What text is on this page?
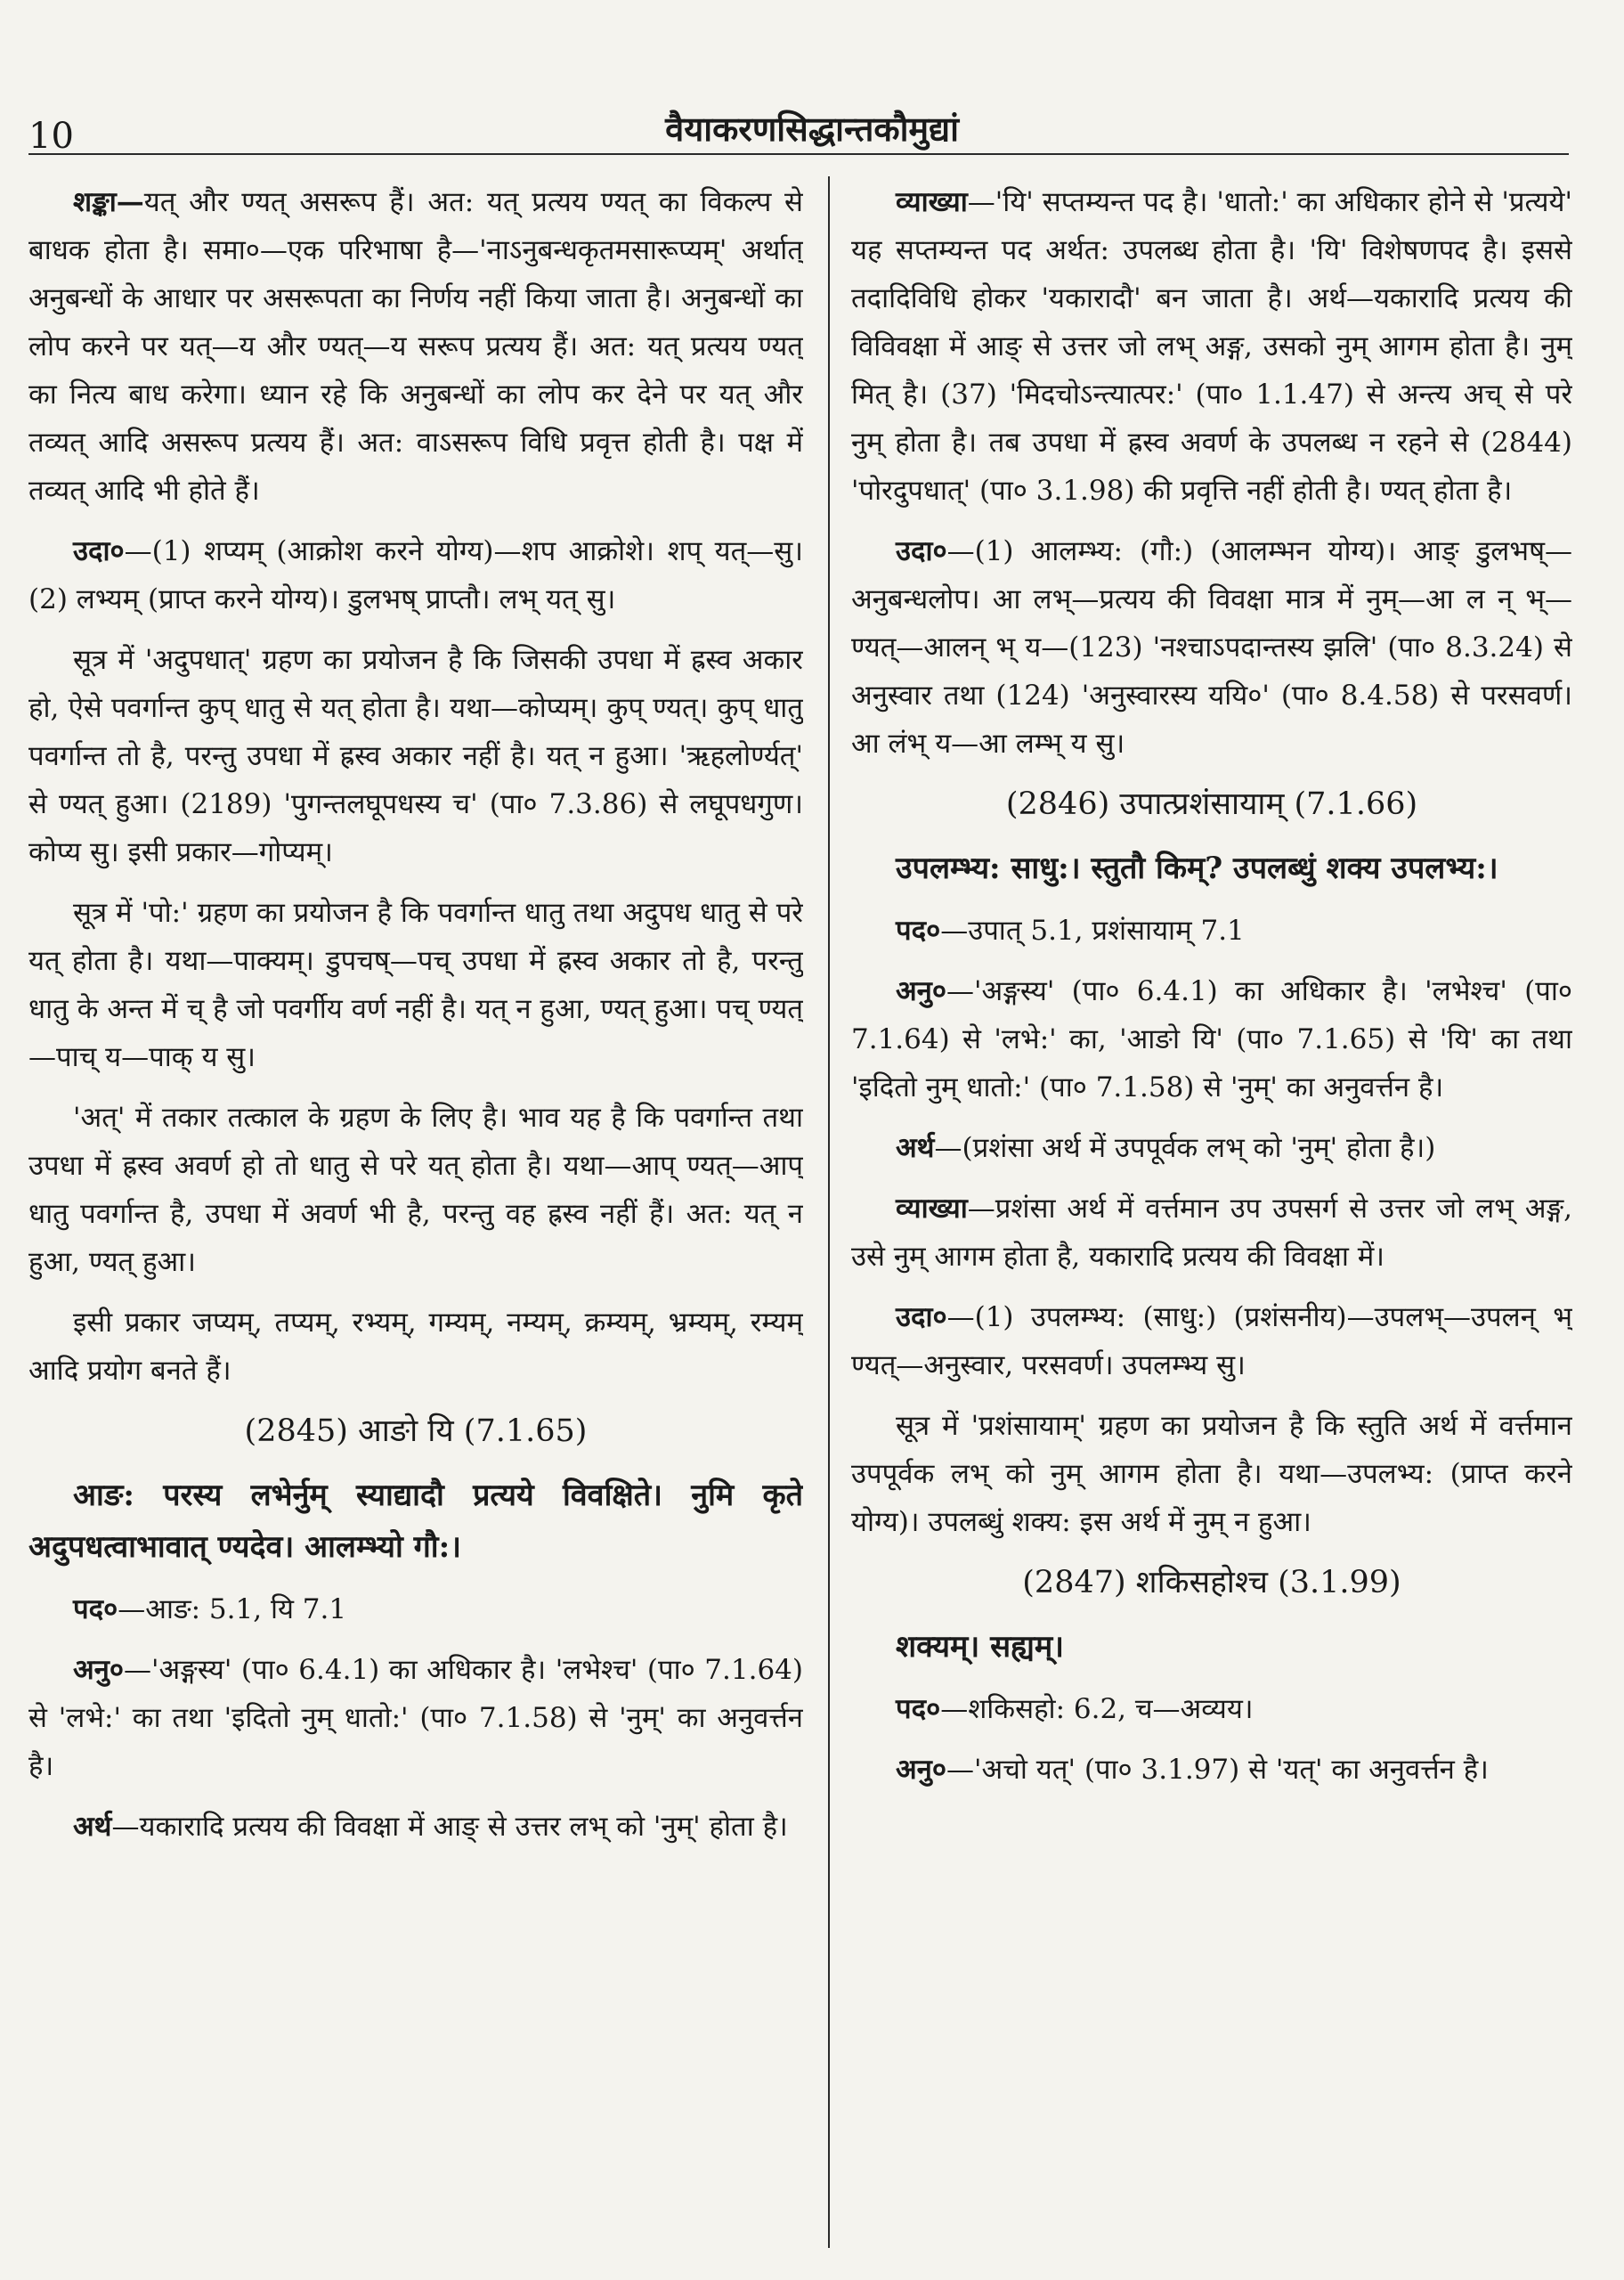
10	वैयाकरणसिद्धान्तकौमुद्यां

शङ्का—यत् और ण्यत् असरूप हैं। अत: यत् प्रत्यय ण्यत् का विकल्प से बाधक होता है। समा०—एक परिभाषा है—'नाऽनुबन्धकृतमसारूप्यम्' अर्थात् अनुबन्धों के आधार पर असरूपता का निर्णय नहीं किया जाता है। अनुबन्धों का लोप करने पर यत्—य और ण्यत्—य सरूप प्रत्यय हैं। अत: यत् प्रत्यय ण्यत् का नित्य बाध करेगा। ध्यान रहे कि अनुबन्धों का लोप कर देने पर यत् और तव्यत् आदि असरूप प्रत्यय हैं। अत: वाऽसरूप विधि प्रवृत्त होती है। पक्ष में तव्यत् आदि भी होते हैं।

उदा०—(1) शप्यम् (आक्रोश करने योग्य)—शप आक्रोशे। शप् यत्—सु। (2) लभ्यम् (प्राप्त करने योग्य)। डुलभष् प्राप्तौ। लभ् यत् सु।

सूत्र में 'अदुपधात्' ग्रहण का प्रयोजन है कि जिसकी उपधा में ह्रस्व अकार हो, ऐसे पवर्गान्त कुप् धातु से यत् होता है। यथा—कोप्यम्। कुप् ण्यत्। कुप् धातु पवर्गान्त तो है, परन्तु उपधा में ह्रस्व अकार नहीं है। यत् न हुआ। 'ऋहलोर्ण्यत्' से ण्यत् हुआ। (2189) 'पुगन्तलघूपधस्य च' (पा० 7.3.86) से लघूपधगुण। कोप्य सु। इसी प्रकार—गोप्यम्।

सूत्र में 'पो:' ग्रहण का प्रयोजन है कि पवर्गान्त धातु तथा अदुपध धातु से परे यत् होता है। यथा—पाक्यम्। डुपचष्—पच् उपधा में ह्रस्व अकार तो है, परन्तु धातु के अन्त में च् है जो पवर्गीय वर्ण नहीं है। यत् न हुआ, ण्यत् हुआ। पच् ण्यत्—पाच् य—पाक् य सु।

'अत्' में तकार तत्काल के ग्रहण के लिए है। भाव यह है कि पवर्गान्त तथा उपधा में ह्रस्व अवर्ण हो तो धातु से परे यत् होता है। यथा—आप् ण्यत्—आप् धातु पवर्गान्त है, उपधा में अवर्ण भी है, परन्तु वह ह्रस्व नहीं हैं। अत: यत् न हुआ, ण्यत् हुआ।

इसी प्रकार जप्यम्, तप्यम्, रभ्यम्, गम्यम्, नम्यम्, क्रम्यम्, भ्रम्यम्, रम्यम् आदि प्रयोग बनते हैं।

(2845) आङो यि (7.1.65)

आङ: परस्य लभेर्नुम् स्याद्यादौ प्रत्यये विवक्षिते। नुमि कृते अदुपधत्वाभावात् ण्यदेव। आलम्भ्यो गौ:।

पद०—आङ: 5.1, यि 7.1

अनु०—'अङ्गस्य' (पा० 6.4.1) का अधिकार है। 'लभेश्च' (पा० 7.1.64) से 'लभे:' का तथा 'इदितो नुम् धातो:' (पा० 7.1.58) से 'नुम्' का अनुवर्त्तन है।

अर्थ—यकारादि प्रत्यय की विवक्षा में आङ् से उत्तर लभ् को 'नुम्' होता है।

व्याख्या—'यि' सप्तम्यन्त पद है। 'धातो:' का अधिकार होने से 'प्रत्यये' यह सप्तम्यन्त पद अर्थत: उपलब्ध होता है। 'यि' विशेषणपद है। इससे तदादिविधि होकर 'यकारादौ' बन जाता है। अर्थ—यकारादि प्रत्यय की विविवक्षा में आङ् से उत्तर जो लभ् अङ्ग, उसको नुम् आगम होता है। नुम् मित् है। (37) 'मिदचोऽन्त्यात्पर:' (पा० 1.1.47) से अन्त्य अच् से परे नुम् होता है। तब उपधा में ह्रस्व अवर्ण के उपलब्ध न रहने से (2844) 'पोरदुपधात्' (पा० 3.1.98) की प्रवृत्ति नहीं होती है। ण्यत् होता है।

उदा०—(1) आलम्भ्य: (गौ:) (आलम्भन योग्य)। आङ् डुलभष्—अनुबन्धलोप। आ लभ्—प्रत्यय की विवक्षा मात्र में नुम्—आ ल न् भ्—ण्यत्—आलन् भ् य—(123) 'नश्चाऽपदान्तस्य झलि' (पा० 8.3.24) से अनुस्वार तथा (124) 'अनुस्वारस्य ययि०' (पा० 8.4.58) से परसवर्ण। आ लंभ् य—आ लम्भ् य सु।

(2846) उपात्प्रशंसायाम् (7.1.66)

उपलम्भ्य: साधु:। स्तुतौ किम्? उपलब्धुं शक्य उपलभ्य:।

पद०—उपात् 5.1, प्रशंसायाम् 7.1

अनु०—'अङ्गस्य' (पा० 6.4.1) का अधिकार है। 'लभेश्च' (पा० 7.1.64) से 'लभे:' का, 'आङो यि' (पा० 7.1.65) से 'यि' का तथा 'इदितो नुम् धातो:' (पा० 7.1.58) से 'नुम्' का अनुवर्त्तन है।

अर्थ—(प्रशंसा अर्थ में उपपूर्वक लभ् को 'नुम्' होता है।)

व्याख्या—प्रशंसा अर्थ में वर्त्तमान उप उपसर्ग से उत्तर जो लभ् अङ्ग, उसे नुम् आगम होता है, यकारादि प्रत्यय की विवक्षा में।

उदा०—(1) उपलम्भ्य: (साधु:) (प्रशंसनीय)—उपलभ्—उपलन् भ् ण्यत्—अनुस्वार, परसवर्ण। उपलम्भ्य सु।

सूत्र में 'प्रशंसायाम्' ग्रहण का प्रयोजन है कि स्तुति अर्थ में वर्त्तमान उपपूर्वक लभ् को नुम् आगम होता है। यथा—उपलभ्य: (प्राप्त करने योग्य)। उपलब्धुं शक्य: इस अर्थ में नुम् न हुआ।

(2847) शकिसहोश्च (3.1.99)

शक्यम्। सह्यम्।

पद०—शकिसहो: 6.2, च—अव्यय।

अनु०—'अचो यत्' (पा० 3.1.97) से 'यत्' का अनुवर्त्तन है।
